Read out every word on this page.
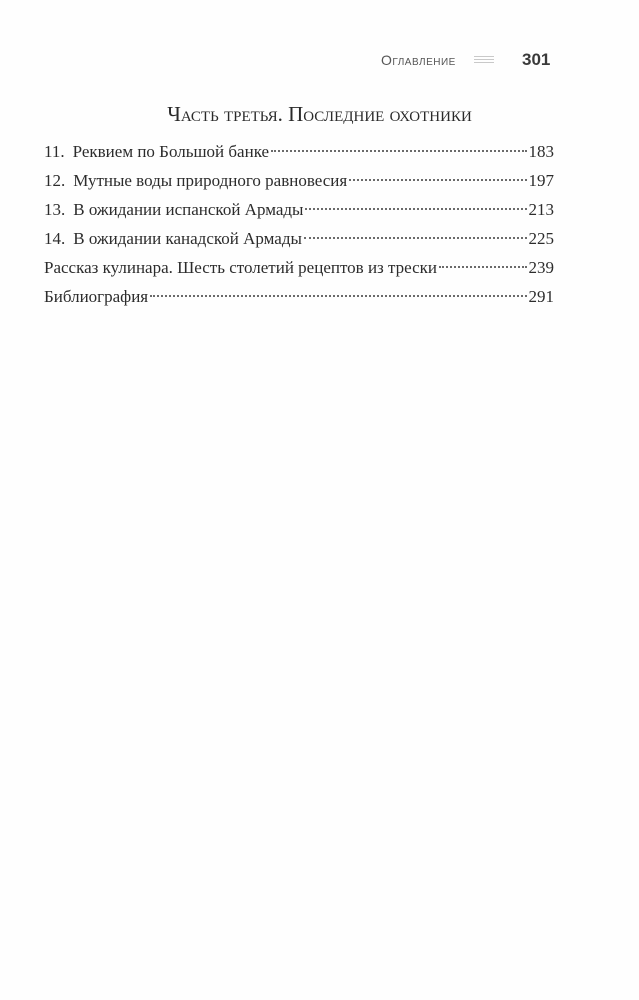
Оглавление	301
Часть третья. Последние охотники
11. Реквием по Большой банке	183
12. Мутные воды природного равновесия	197
13. В ожидании испанской Армады	213
14. В ожидании канадской Армады	225
Рассказ кулинара. Шесть столетий рецептов из трески	239
Библиография	291
